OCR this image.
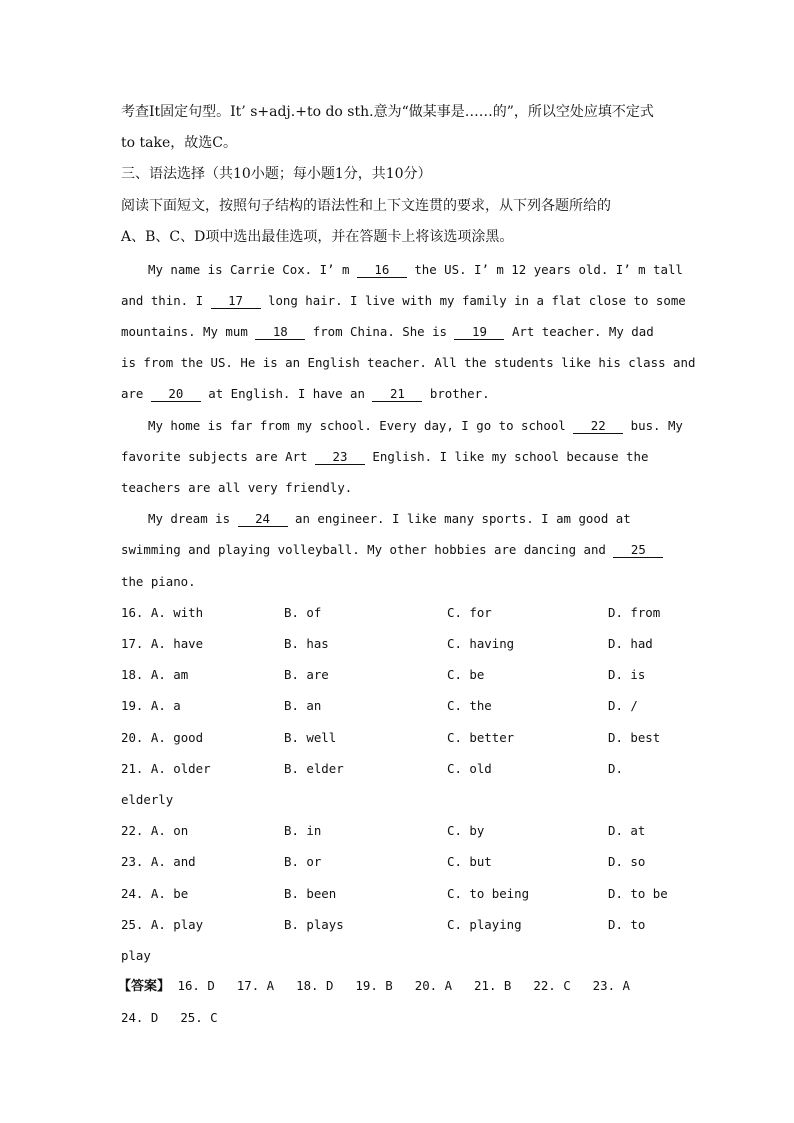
考查It固定句型。It’ s+adj.+to do sth.意为“做某事是……的”，所以空处应填不定式
to take，故选C。
三、语法选择（共10小题；每小题1分，共10分）
阅读下面短文，按照句子结构的语法性和上下文连贯的要求，从下列各题所给的
A、B、C、D项中选出最佳选项，并在答题卡上将该选项涂黑。
My name is Carrie Cox. I’ m 16 the US. I’ m 12 years old. I’ m tall
and thin. I 17 long hair. I live with my family in a flat close to some
mountains. My mum 18 from China. She is 19 Art teacher. My dad
is from the US. He is an English teacher. All the students like his class and
are 20 at English. I have an 21 brother.
My home is far from my school. Every day, I go to school 22 bus. My
favorite subjects are Art 23 English. I like my school because the
teachers are all very friendly.
My dream is 24 an engineer. I like many sports. I am good at
swimming and playing volleyball. My other hobbies are dancing and 25
the piano.
16. A. with	B. of	C. for	D. from
17. A. have	B. has	C. having	D. had
18. A. am	B. are	C. be	D. is
19. A. a	B. an	C. the	D. /
20. A. good	B. well	C. better	D. best
21. A. older	B. elder	C. old	D.
elderly
22. A. on	B. in	C. by	D. at
23. A. and	B. or	C. but	D. so
24. A. be	B. been	C. to being	D. to be
25. A. play	B. plays	C. playing	D. to
play
【答案】 16. D 17. A 18. D 19. B 20. A 21. B 22. C 23. A
24. D 25. C
